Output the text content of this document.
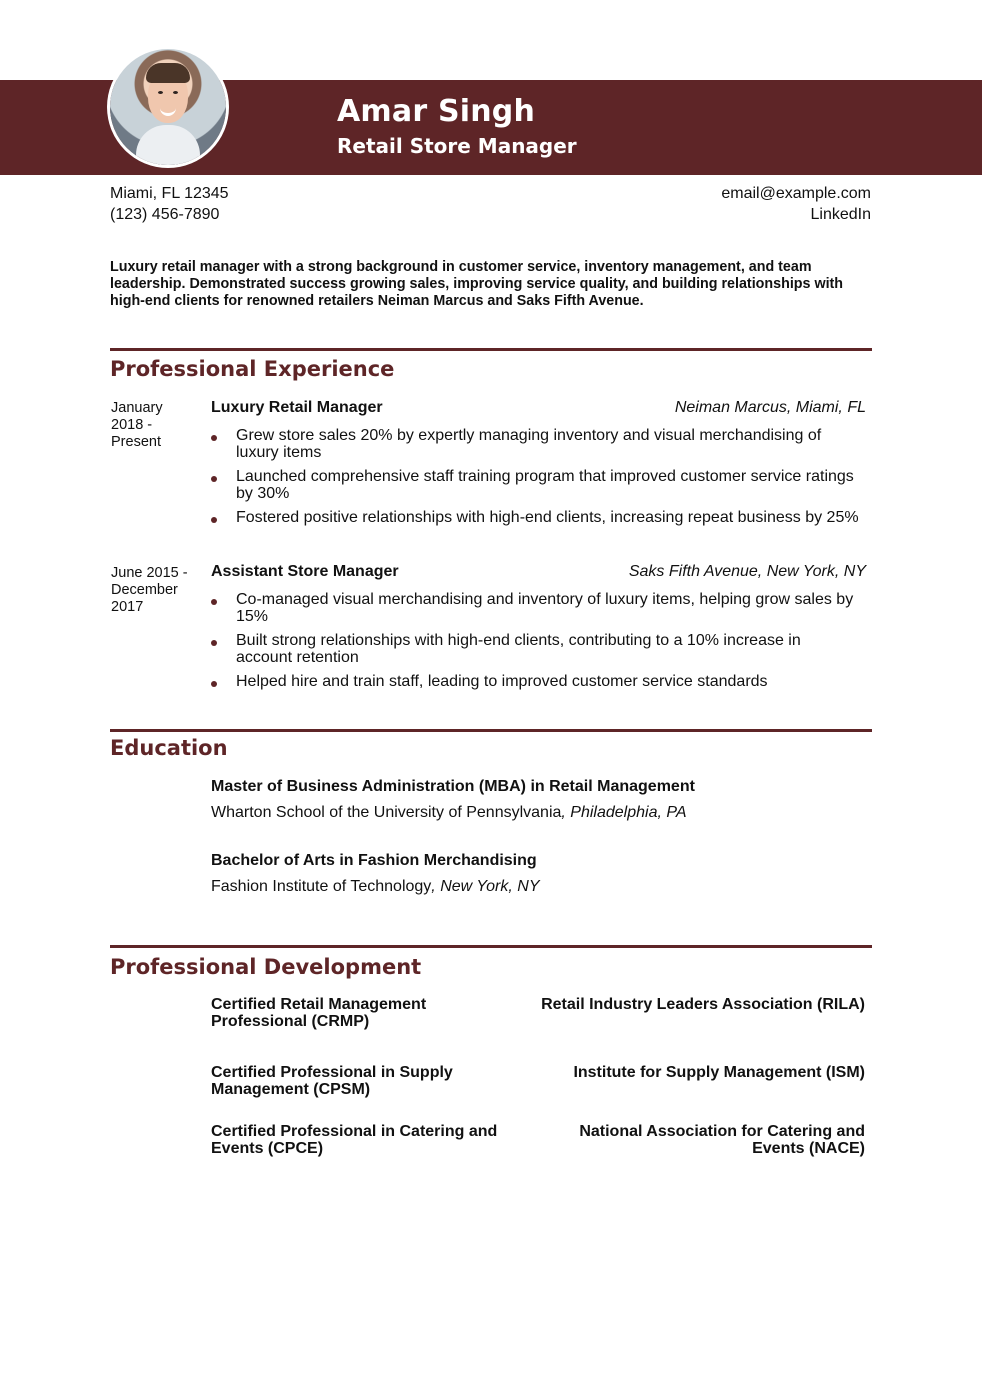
Amar Singh
Retail Store Manager
Miami, FL 12345
(123) 456-7890
email@example.com
LinkedIn
Luxury retail manager with a strong background in customer service, inventory management, and team leadership. Demonstrated success growing sales, improving service quality, and building relationships with high-end clients for renowned retailers Neiman Marcus and Saks Fifth Avenue.
Professional Experience
January 2018 - Present
Luxury Retail Manager	Neiman Marcus, Miami, FL
Grew store sales 20% by expertly managing inventory and visual merchandising of luxury items
Launched comprehensive staff training program that improved customer service ratings by 30%
Fostered positive relationships with high-end clients, increasing repeat business by 25%
June 2015 - December 2017
Assistant Store Manager	Saks Fifth Avenue, New York, NY
Co-managed visual merchandising and inventory of luxury items, helping grow sales by 15%
Built strong relationships with high-end clients, contributing to a 10% increase in account retention
Helped hire and train staff, leading to improved customer service standards
Education
Master of Business Administration (MBA) in Retail Management
Wharton School of the University of Pennsylvania, Philadelphia, PA
Bachelor of Arts in Fashion Merchandising
Fashion Institute of Technology, New York, NY
Professional Development
Certified Retail Management Professional (CRMP)
Retail Industry Leaders Association (RILA)
Certified Professional in Supply Management (CPSM)
Institute for Supply Management (ISM)
Certified Professional in Catering and Events (CPCE)
National Association for Catering and Events (NACE)
